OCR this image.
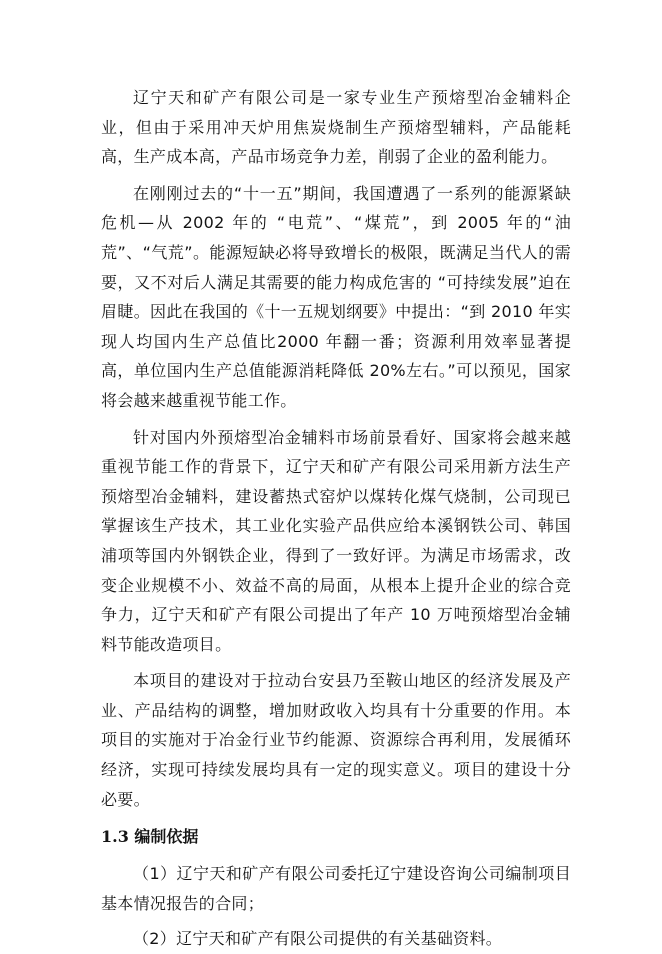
辽宁天和矿产有限公司是一家专业生产预熔型冶金辅料企业，但由于采用冲天炉用焦炭烧制生产预熔型辅料，产品能耗高，生产成本高，产品市场竞争力差，削弱了企业的盈利能力。

在刚刚过去的“十一五”期间，我国遭遇了一系列的能源紧缺危机—从 2002 年的 “电荒”、“煤荒”，到 2005 年的“油荒”、“气荒”。能源短缺必将导致增长的极限，既满足当代人的需要，又不对后人满足其需要的能力构成危害的 “可持续发展”迫在眉睫。因此在我国的《十一五规划纲要》中提出：“到 2010 年实现人均国内生产总值比2000 年翻一番；资源利用效率显著提高，单位国内生产总值能源消耗降低 20%左右。”可以预见，国家将会越来越重视节能工作。

针对国内外预熔型冶金辅料市场前景看好、国家将会越来越重视节能工作的背景下，辽宁天和矿产有限公司采用新方法生产预熔型冶金辅料，建设蓄热式窑炉以煤转化煤气烧制，公司现已掌握该生产技术，其工业化实验产品供应给本溪钢铁公司、韩国浦项等国内外钢铁企业，得到了一致好评。为满足市场需求，改变企业规模不小、效益不高的局面，从根本上提升企业的综合竞争力，辽宁天和矿产有限公司提出了年产 10 万吨预熔型冶金辅料节能改造项目。

本项目的建设对于拉动台安县乃至鞍山地区的经济发展及产业、产品结构的调整，增加财政收入均具有十分重要的作用。本项目的实施对于冶金行业节约能源、资源综合再利用，发展循环经济，实现可持续发展均具有一定的现实意义。项目的建设十分必要。

1.3 编制依据

（1）辽宁天和矿产有限公司委托辽宁建设咨询公司编制项目基本情况报告的合同；

（2）辽宁天和矿产有限公司提供的有关基础资料。
